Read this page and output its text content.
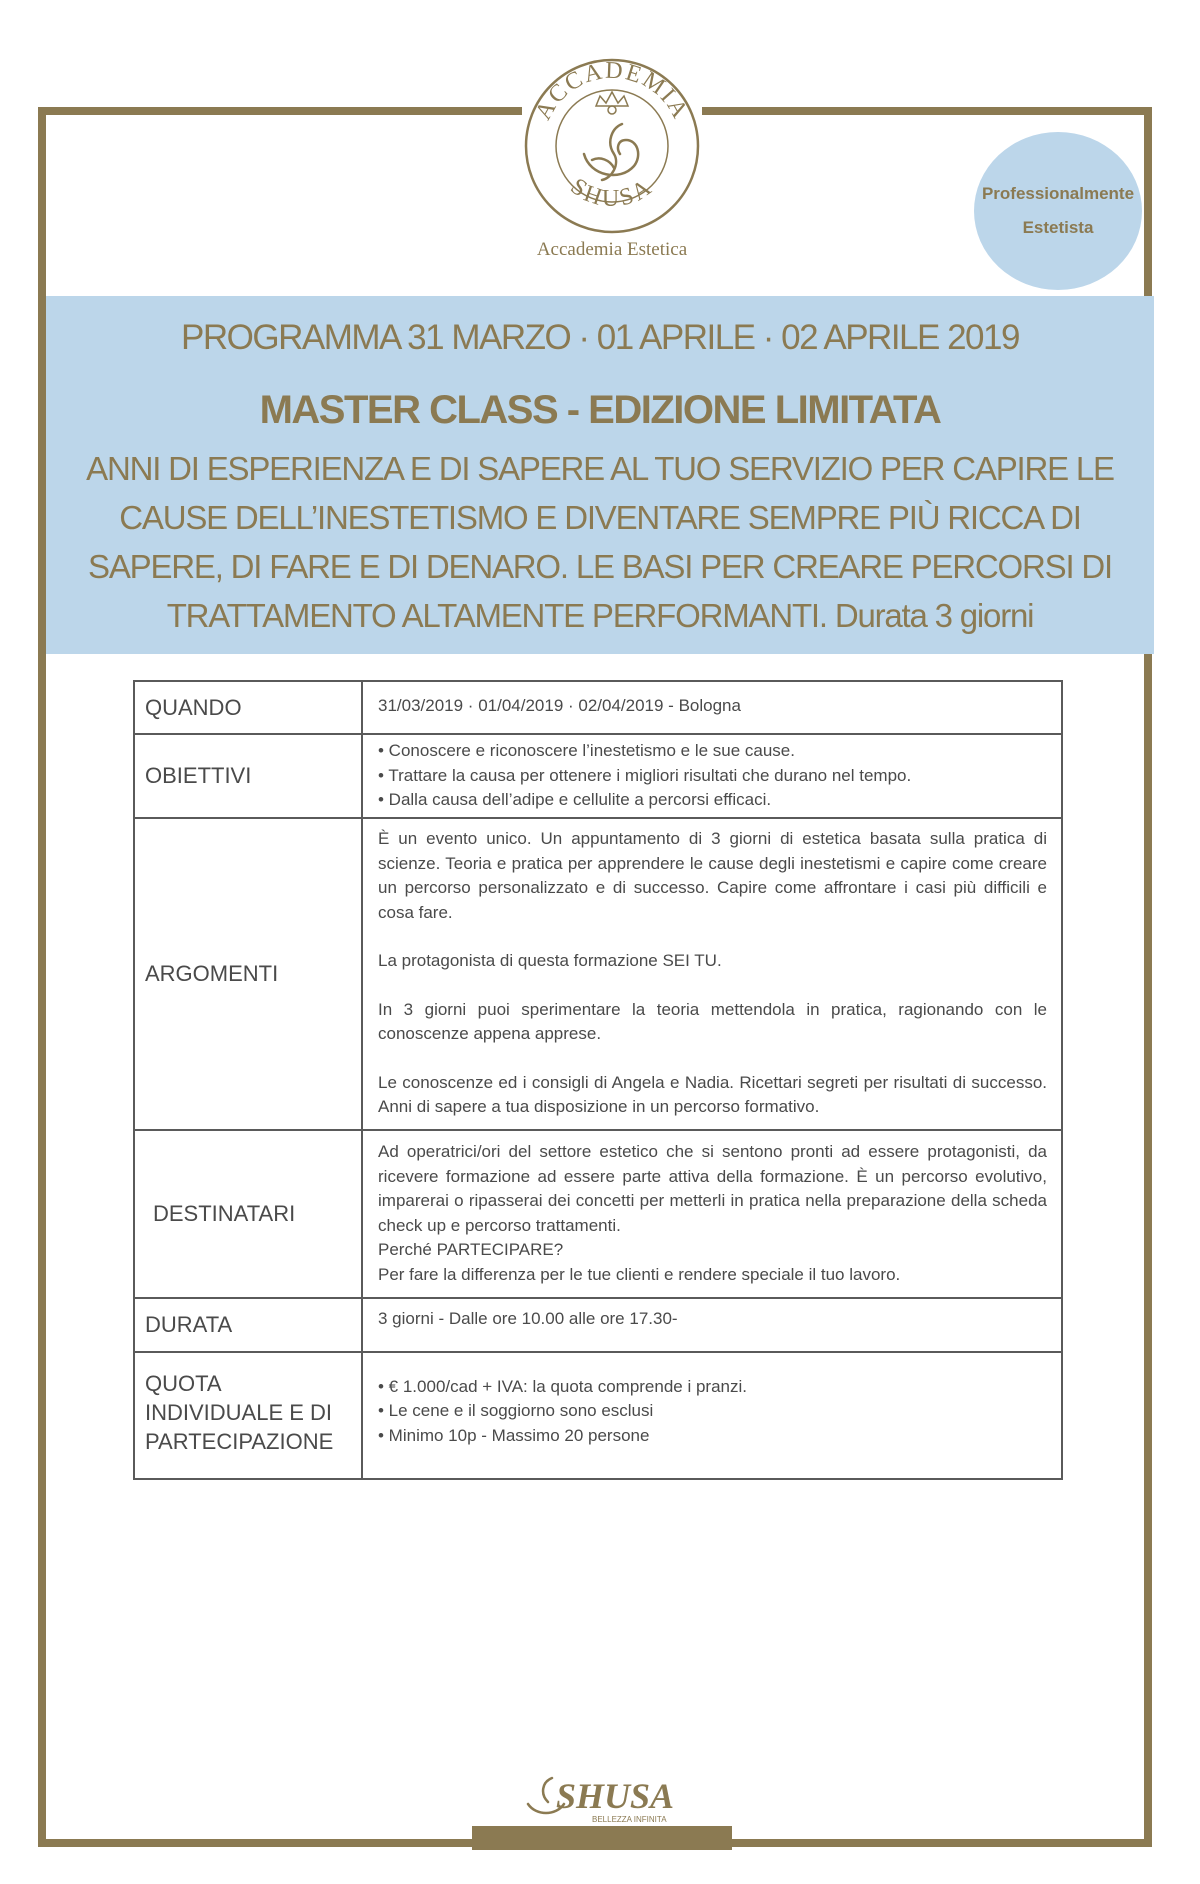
ACCADEMIA
SHUSA
Accademia Estetica
Professionalmente
Estetista
PROGRAMMA 31 MARZO · 01 APRILE · 02 APRILE 2019
MASTER CLASS - EDIZIONE LIMITATA
ANNI DI ESPERIENZA E DI SAPERE AL TUO SERVIZIO PER CAPIRE LE CAUSE DELL’INESTETISMO E DIVENTARE SEMPRE PIÙ RICCA DI SAPERE, DI FARE E DI DENARO. LE BASI PER CREARE PERCORSI DI TRATTAMENTO ALTAMENTE PERFORMANTI. Durata 3 giorni
QUANDO	31/03/2019 · 01/04/2019 · 02/04/2019 - Bologna
OBIETTIVI	• Conoscere e riconoscere l’inestetismo e le sue cause.

• Trattare la causa per ottenere i migliori risultati che durano nel tempo.

• Dalla causa dell’adipe e cellulite a percorsi efficaci.

ARGOMENTI	È un evento unico. Un appuntamento di 3 giorni di estetica basata sulla pratica di scienze. Teoria e pratica per apprendere le cause degli inestetismi e capire come creare un percorso personalizzato e di successo. Capire come affrontare i casi più difficili e cosa fare.

La protagonista di questa formazione SEI TU.

In 3 giorni puoi sperimentare la teoria mettendola in pratica, ragionando con le conoscenze appena apprese.

Le conoscenze ed i consigli di Angela e Nadia. Ricettari segreti per risultati di successo. Anni di sapere a tua disposizione in un percorso formativo.

DESTINATARI	Ad operatrici/ori del settore estetico che si sentono pronti ad essere protagonisti, da ricevere formazione ad essere parte attiva della formazione. È un percorso evolutivo, imparerai o ripasserai dei concetti per metterli in pratica nella preparazione della scheda check up e percorso trattamenti.

Perché PARTECIPARE?

Per fare la differenza per le tue clienti e rendere speciale il tuo lavoro.

DURATA	3 giorni - Dalle ore 10.00 alle ore 17.30-
QUOTA INDIVIDUALE E DI PARTECIPAZIONE	• € 1.000/cad + IVA: la quota comprende i pranzi.

• Le cene e il soggiorno sono esclusi

• Minimo 10p - Massimo 20 persone

SHUSA
BELLEZZA INFINITA
